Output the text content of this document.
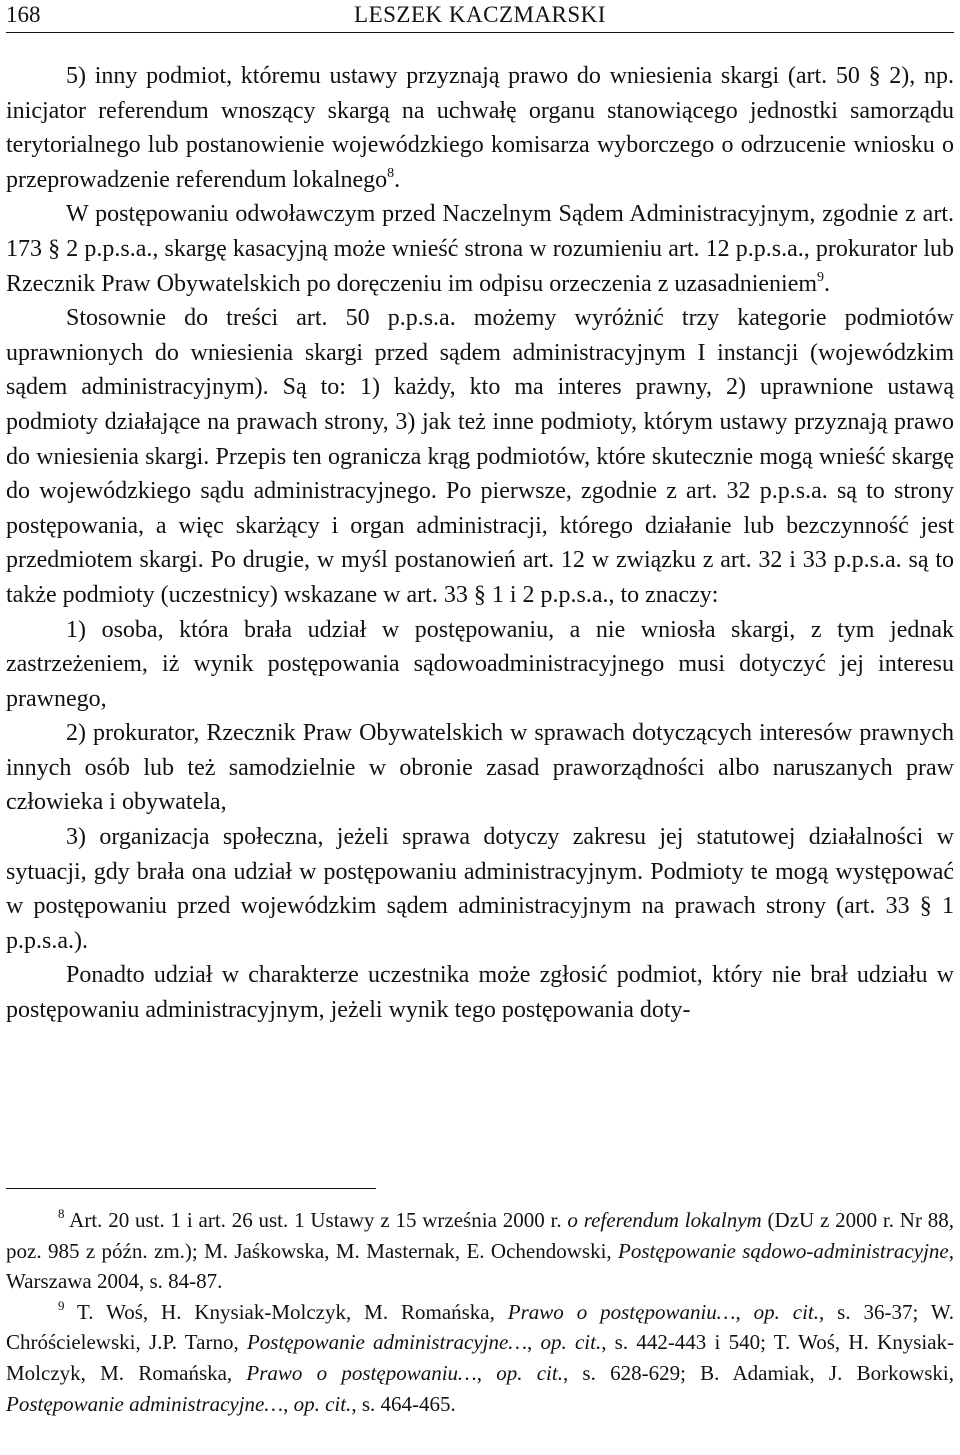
168	LESZEK KACZMARSKI

5) inny podmiot, któremu ustawy przyznają prawo do wniesienia skargi (art. 50 § 2), np. inicjator referendum wnoszący skargą na uchwałę organu stanowiącego jednostki samorządu terytorialnego lub postanowienie wojewódzkiego komisarza wyborczego o odrzucenie wniosku o przeprowadzenie referendum lokalnego$^8$.

W postępowaniu odwoławczym przed Naczelnym Sądem Administracyjnym, zgodnie z art. 173 § 2 p.p.s.a., skargę kasacyjną może wnieść strona w rozumieniu art. 12 p.p.s.a., prokurator lub Rzecznik Praw Obywatelskich po doręczeniu im odpisu orzeczenia z uzasadnieniem$^9$.

Stosownie do treści art. 50 p.p.s.a. możemy wyróżnić trzy kategorie podmiotów uprawnionych do wniesienia skargi przed sądem administracyjnym I instancji (wojewódzkim sądem administracyjnym). Są to: 1) każdy, kto ma interes prawny, 2) uprawnione ustawą podmioty działające na prawach strony, 3) jak też inne podmioty, którym ustawy przyznają prawo do wniesienia skargi. Przepis ten ogranicza krąg podmiotów, które skutecznie mogą wnieść skargę do wojewódzkiego sądu administracyjnego. Po pierwsze, zgodnie z art. 32 p.p.s.a. są to strony postępowania, a więc skarżący i organ administracji, którego działanie lub bezczynność jest przedmiotem skargi. Po drugie, w myśl postanowień art. 12 w związku z art. 32 i 33 p.p.s.a. są to także podmioty (uczestnicy) wskazane w art. 33 § 1 i 2 p.p.s.a., to znaczy:

1) osoba, która brała udział w postępowaniu, a nie wniosła skargi, z tym jednak zastrzeżeniem, iż wynik postępowania sądowoadministracyjnego musi dotyczyć jej interesu prawnego,

2) prokurator, Rzecznik Praw Obywatelskich w sprawach dotyczących interesów prawnych innych osób lub też samodzielnie w obronie zasad praworządności albo naruszanych praw człowieka i obywatela,

3) organizacja społeczna, jeżeli sprawa dotyczy zakresu jej statutowej działalności w sytuacji, gdy brała ona udział w postępowaniu administracyjnym. Podmioty te mogą występować w postępowaniu przed wojewódzkim sądem administracyjnym na prawach strony (art. 33 § 1 p.p.s.a.).

Ponadto udział w charakterze uczestnika może zgłosić podmiot, który nie brał udziału w postępowaniu administracyjnym, jeżeli wynik tego postępowania doty-

$^8$ Art. 20 ust. 1 i art. 26 ust. 1 Ustawy z 15 września 2000 r. o referendum lokalnym (DzU z 2000 r. Nr 88, poz. 985 z późn. zm.); M. Jaśkowska, M. Masternak, E. Ochendowski, Postępowanie sądowo-administracyjne, Warszawa 2004, s. 84-87.

$^9$ T. Woś, H. Knysiak-Molczyk, M. Romańska, Prawo o postępowaniu…, op. cit., s. 36-37; W. Chróścielewski, J.P. Tarno, Postępowanie administracyjne…, op. cit., s. 442-443 i 540; T. Woś, H. Knysiak-Molczyk, M. Romańska, Prawo o postępowaniu…, op. cit., s. 628-629; B. Adamiak, J. Borkowski, Postępowanie administracyjne…, op. cit., s. 464-465.
